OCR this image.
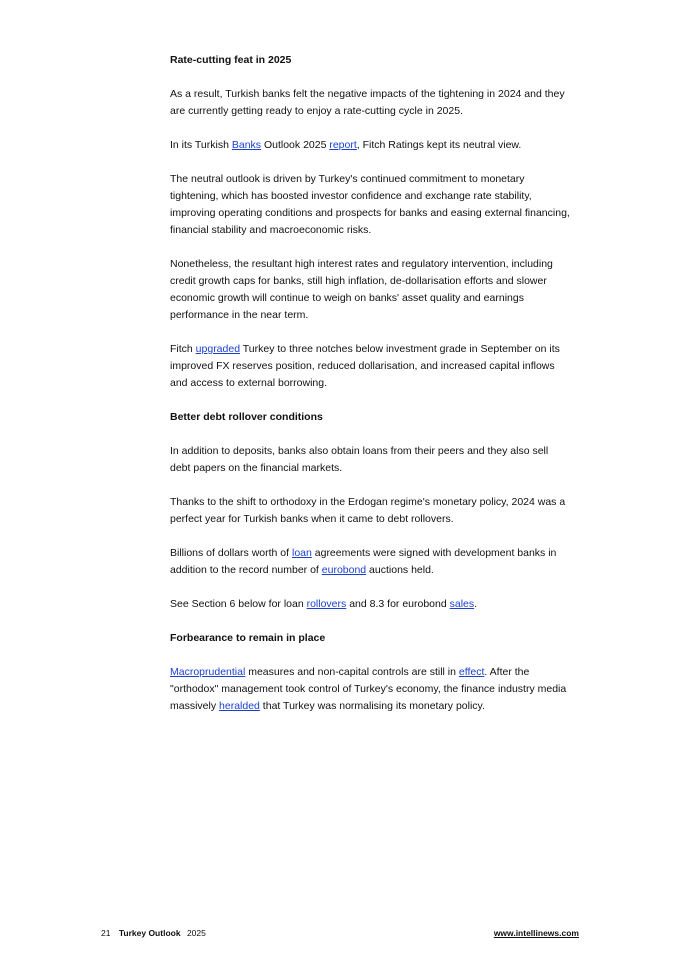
Rate-cutting feat in 2025

As a result, Turkish banks felt the negative impacts of the tightening in 2024 and they are currently getting ready to enjoy a rate-cutting cycle in 2025.

In its Turkish Banks Outlook 2025 report, Fitch Ratings kept its neutral view.

The neutral outlook is driven by Turkey's continued commitment to monetary tightening, which has boosted investor confidence and exchange rate stability, improving operating conditions and prospects for banks and easing external financing, financial stability and macroeconomic risks.

Nonetheless, the resultant high interest rates and regulatory intervention, including credit growth caps for banks, still high inflation, de-dollarisation efforts and slower economic growth will continue to weigh on banks' asset quality and earnings performance in the near term.

Fitch upgraded Turkey to three notches below investment grade in September on its improved FX reserves position, reduced dollarisation, and increased capital inflows and access to external borrowing.

Better debt rollover conditions

In addition to deposits, banks also obtain loans from their peers and they also sell debt papers on the financial markets.

Thanks to the shift to orthodoxy in the Erdogan regime's monetary policy, 2024 was a perfect year for Turkish banks when it came to debt rollovers.

Billions of dollars worth of loan agreements were signed with development banks in addition to the record number of eurobond auctions held.

See Section 6 below for loan rollovers and 8.3 for eurobond sales.

Forbearance to remain in place

Macroprudential measures and non-capital controls are still in effect. After the "orthodox" management took control of Turkey's economy, the finance industry media massively heralded that Turkey was normalising its monetary policy.

21 Turkey Outlook 2025	www.intellinews.com
